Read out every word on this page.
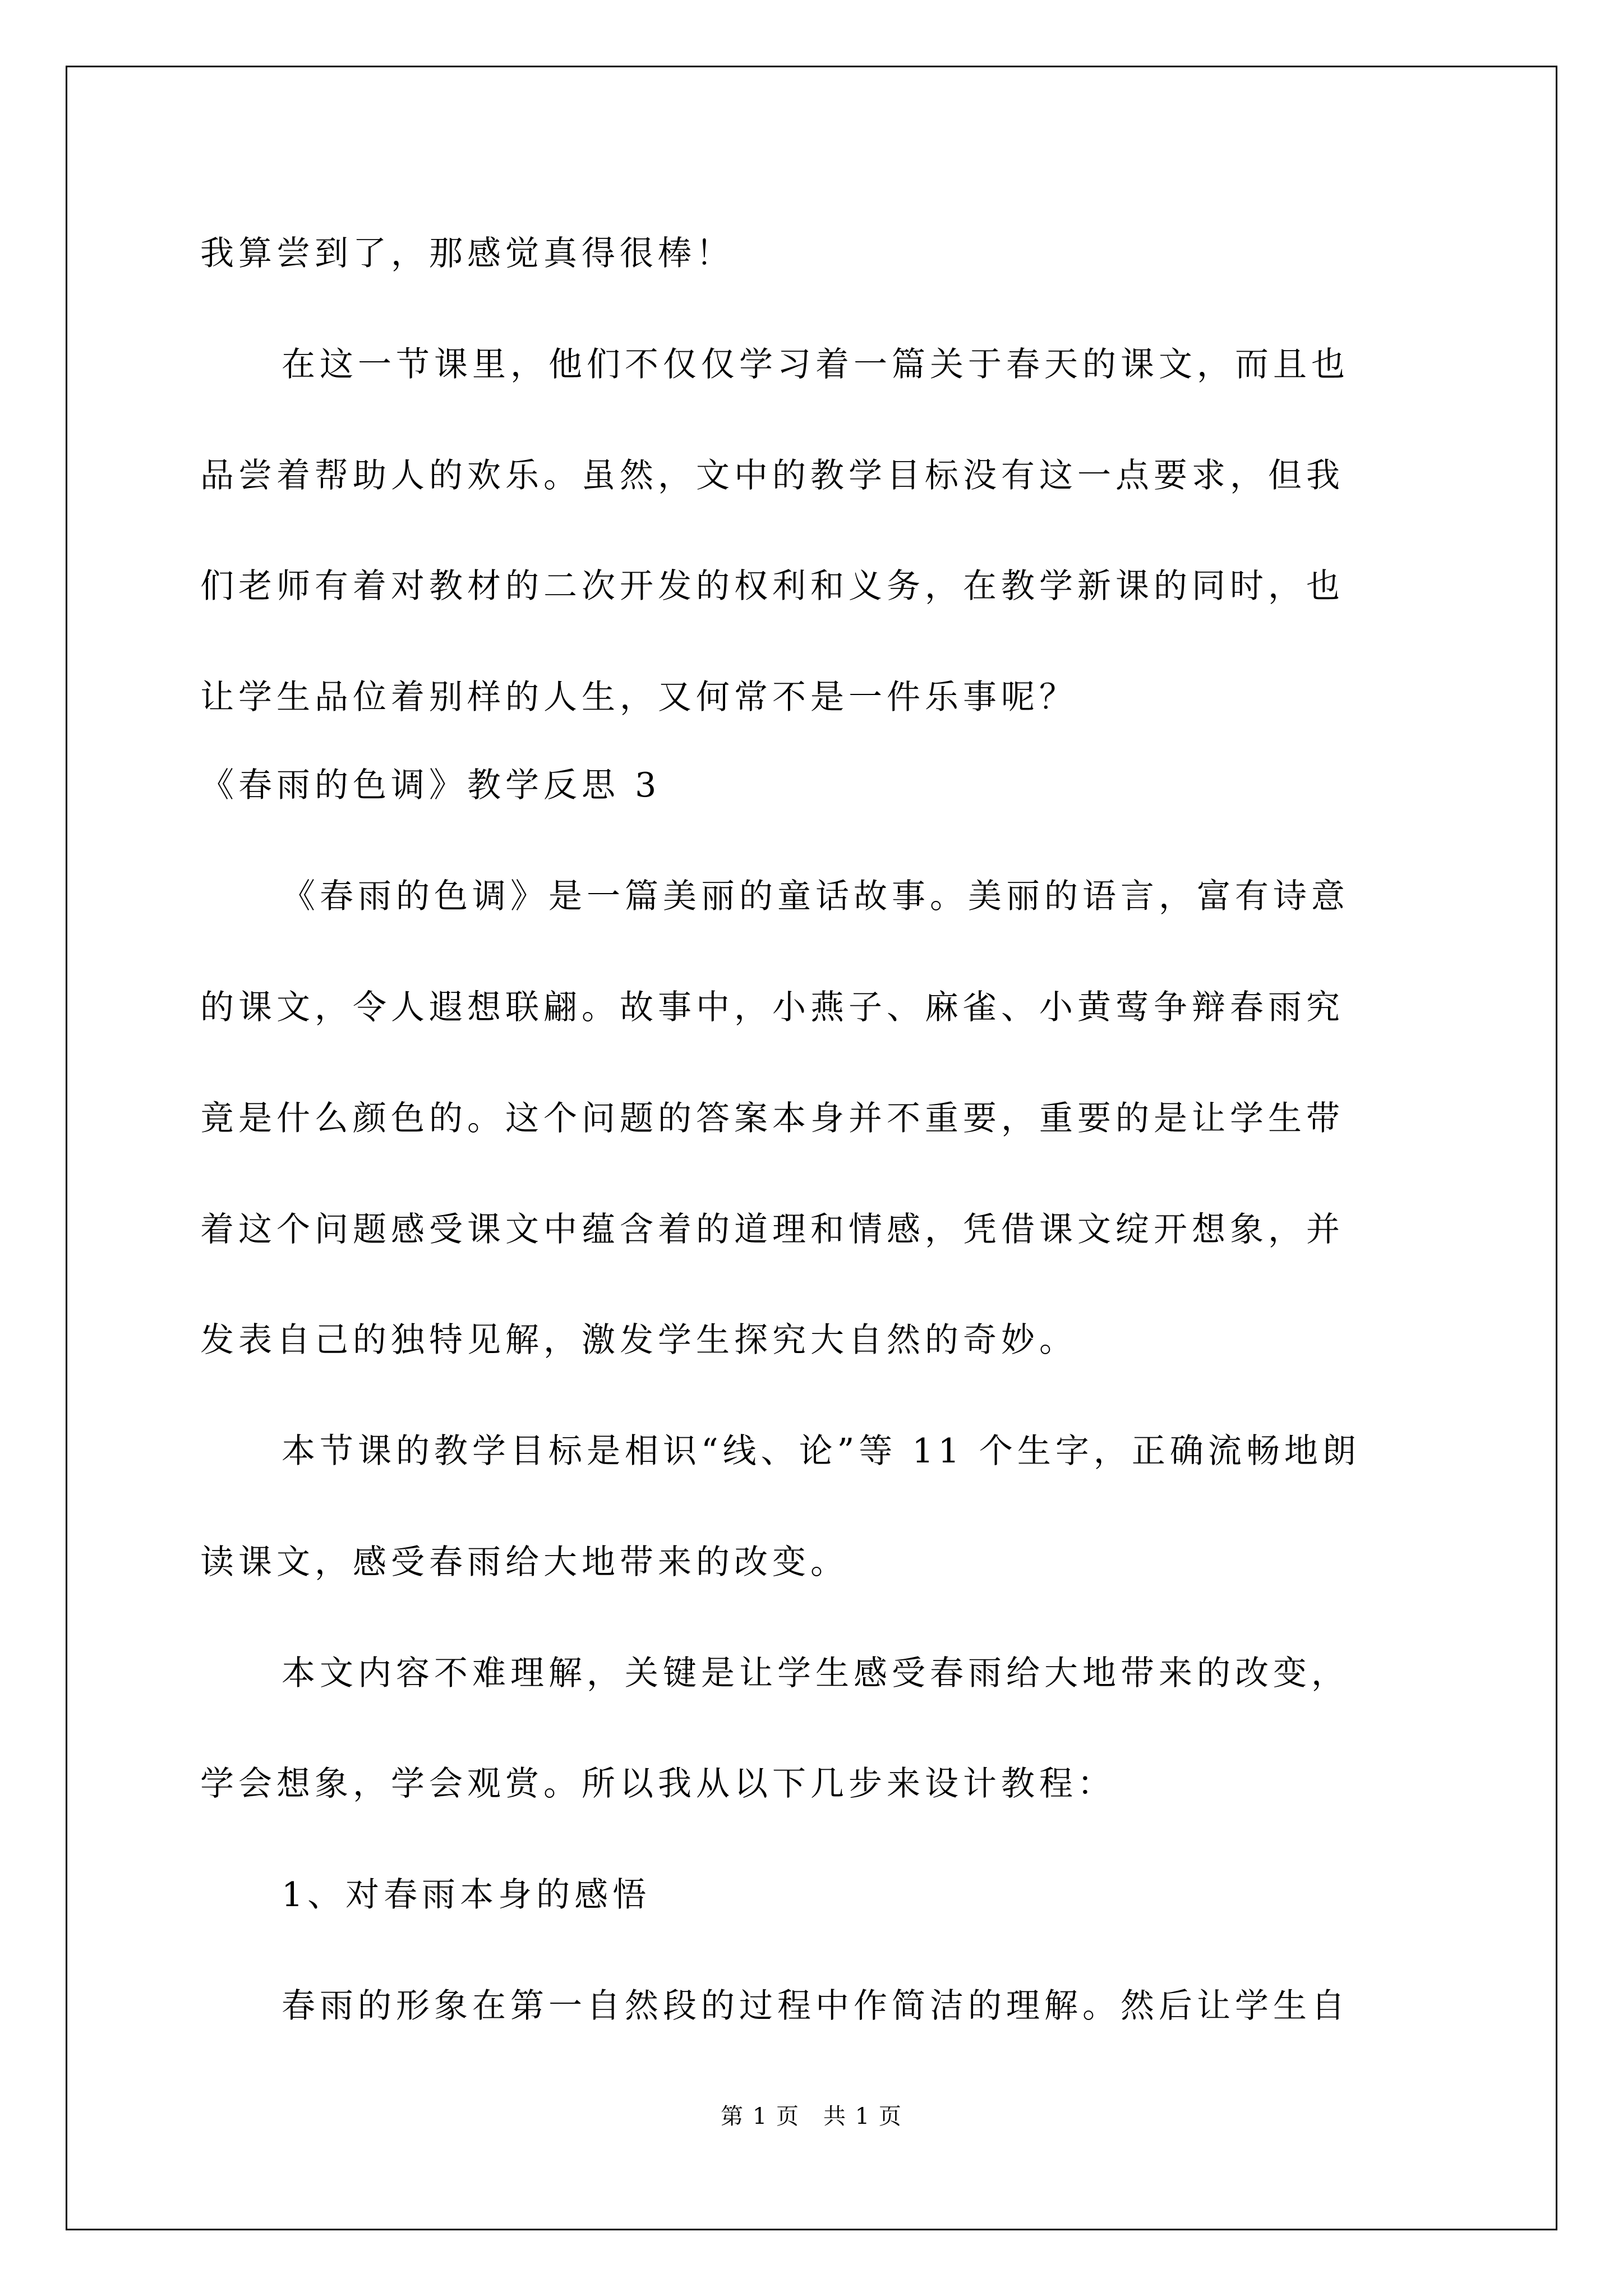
我算尝到了，那感觉真得很棒！
在这一节课里，他们不仅仅学习着一篇关于春天的课文，而且也
品尝着帮助人的欢乐。虽然，文中的教学目标没有这一点要求，但我
们老师有着对教材的二次开发的权利和义务，在教学新课的同时，也
让学生品位着别样的人生，又何常不是一件乐事呢？
《春雨的色调》教学反思 3
《春雨的色调》是一篇美丽的童话故事。美丽的语言，富有诗意
的课文，令人遐想联翩。故事中，小燕子、麻雀、小黄莺争辩春雨究
竟是什么颜色的。这个问题的答案本身并不重要，重要的是让学生带
着这个问题感受课文中蕴含着的道理和情感，凭借课文绽开想象，并
发表自己的独特见解，激发学生探究大自然的奇妙。
本节课的教学目标是相识“线、论”等 11 个生字，正确流畅地朗
读课文，感受春雨给大地带来的改变。
本文内容不难理解，关键是让学生感受春雨给大地带来的改变，
学会想象，学会观赏。所以我从以下几步来设计教程：
1、对春雨本身的感悟
春雨的形象在第一自然段的过程中作简洁的理解。然后让学生自
第 1 页　共 1 页
